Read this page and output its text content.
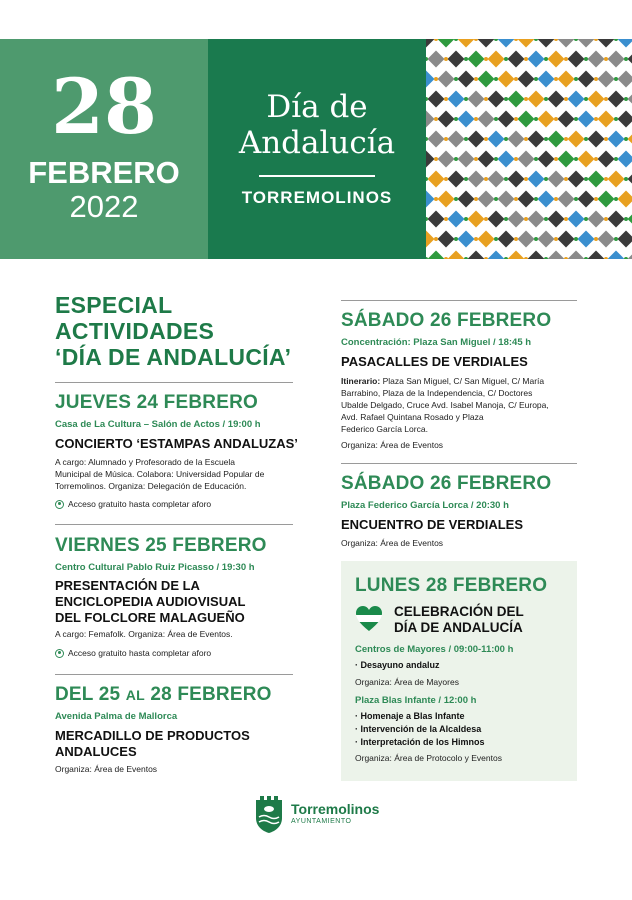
28
FEBRERO
2022
Día de
Andalucía
TORREMOLINOS
ESPECIAL
ACTIVIDADES
‘DÍA DE ANDALUCÍA’
JUEVES 24 FEBRERO
Casa de La Cultura – Salón de Actos / 19:00 h
CONCIERTO ‘ESTAMPAS ANDALUZAS’
A cargo: Alumnado y Profesorado de la Escuela
Municipal de Música. Colabora: Universidad Popular de
Torremolinos. Organiza: Delegación de Educación.
Acceso gratuito hasta completar aforo
VIERNES 25 FEBRERO
Centro Cultural Pablo Ruiz Picasso / 19:30 h
PRESENTACIÓN DE LA
ENCICLOPEDIA AUDIOVISUAL
DEL FOLCLORE MALAGUEÑO
A cargo: Femafolk. Organiza: Área de Eventos.
Acceso gratuito hasta completar aforo
DEL 25 AL 28 FEBRERO
Avenida Palma de Mallorca
MERCADILLO DE PRODUCTOS
ANDALUCES
Organiza: Área de Eventos
SÁBADO 26 FEBRERO
Concentración: Plaza San Miguel / 18:45 h
PASACALLES DE VERDIALES
Itinerario: Plaza San Miguel, C/ San Miguel, C/ María
Barrabino, Plaza de la Independencia, C/ Doctores
Ubalde Delgado, Cruce Avd. Isabel Manoja, C/ Europa,
Avd. Rafael Quintana Rosado y Plaza
Federico García Lorca.
Organiza: Área de Eventos
SÁBADO 26 FEBRERO
Plaza Federico García Lorca / 20:30 h
ENCUENTRO DE VERDIALES
Organiza: Área de Eventos
LUNES 28 FEBRERO
CELEBRACIÓN DEL
DÍA DE ANDALUCÍA
Centros de Mayores / 09:00-11:00 h
· Desayuno andaluz
Organiza: Área de Mayores
Plaza Blas Infante / 12:00 h
· Homenaje a Blas Infante
· Intervención de la Alcaldesa
· Interpretación de los Himnos
Organiza: Área de Protocolo y Eventos
Torremolinos
AYUNTAMIENTO
